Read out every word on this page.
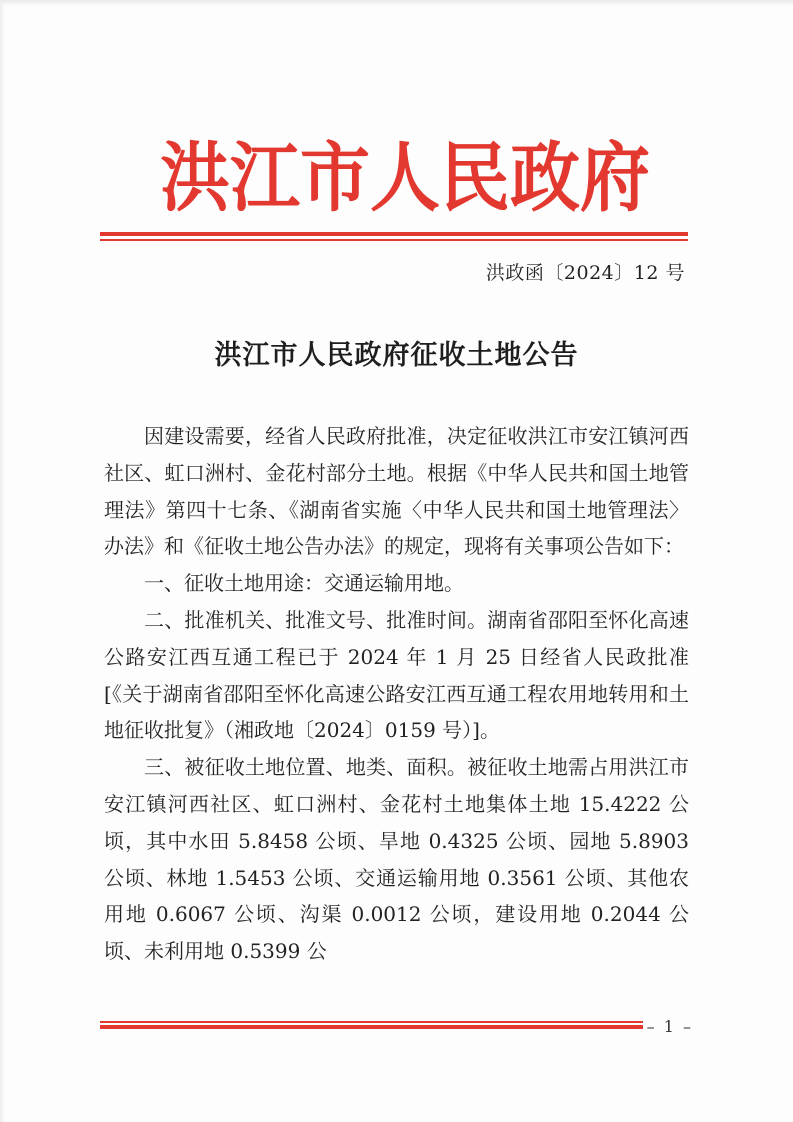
洪 江 市 人 民 政 府
洪政函〔2024〕12 号
洪江市人民政府征收土地公告

因建设需要，经省人民政府批准，决定征收洪江市安江镇河西社区、虹口洲村、金花村部分土地。根据《中华人民共和国土地管理法》第四十七条、《湖南省实施〈中华人民共和国土地管理法〉办法》和《征收土地公告办法》的规定，现将有关事项公告如下：

一、征收土地用途：交通运输用地。

二、批准机关、批准文号、批准时间。湖南省邵阳至怀化高速公路安江西互通工程已于 2024 年 1 月 25 日经省人民政批准[《关于湖南省邵阳至怀化高速公路安江西互通工程农用地转用和土地征收批复》（湘政地〔2024〕0159 号）]。

三、被征收土地位置、地类、面积。被征收土地需占用洪江市安江镇河西社区、虹口洲村、金花村土地集体土地 15.4222 公顷，其中水田 5.8458 公顷、旱地 0.4325 公顷、园地 5.8903 公顷、林地 1.5453 公顷、交通运输用地 0.3561 公顷、其他农用地 0.6067 公顷、沟渠 0.0012 公顷，建设用地 0.2044 公顷、未利用地 0.5399 公

– 1 –
